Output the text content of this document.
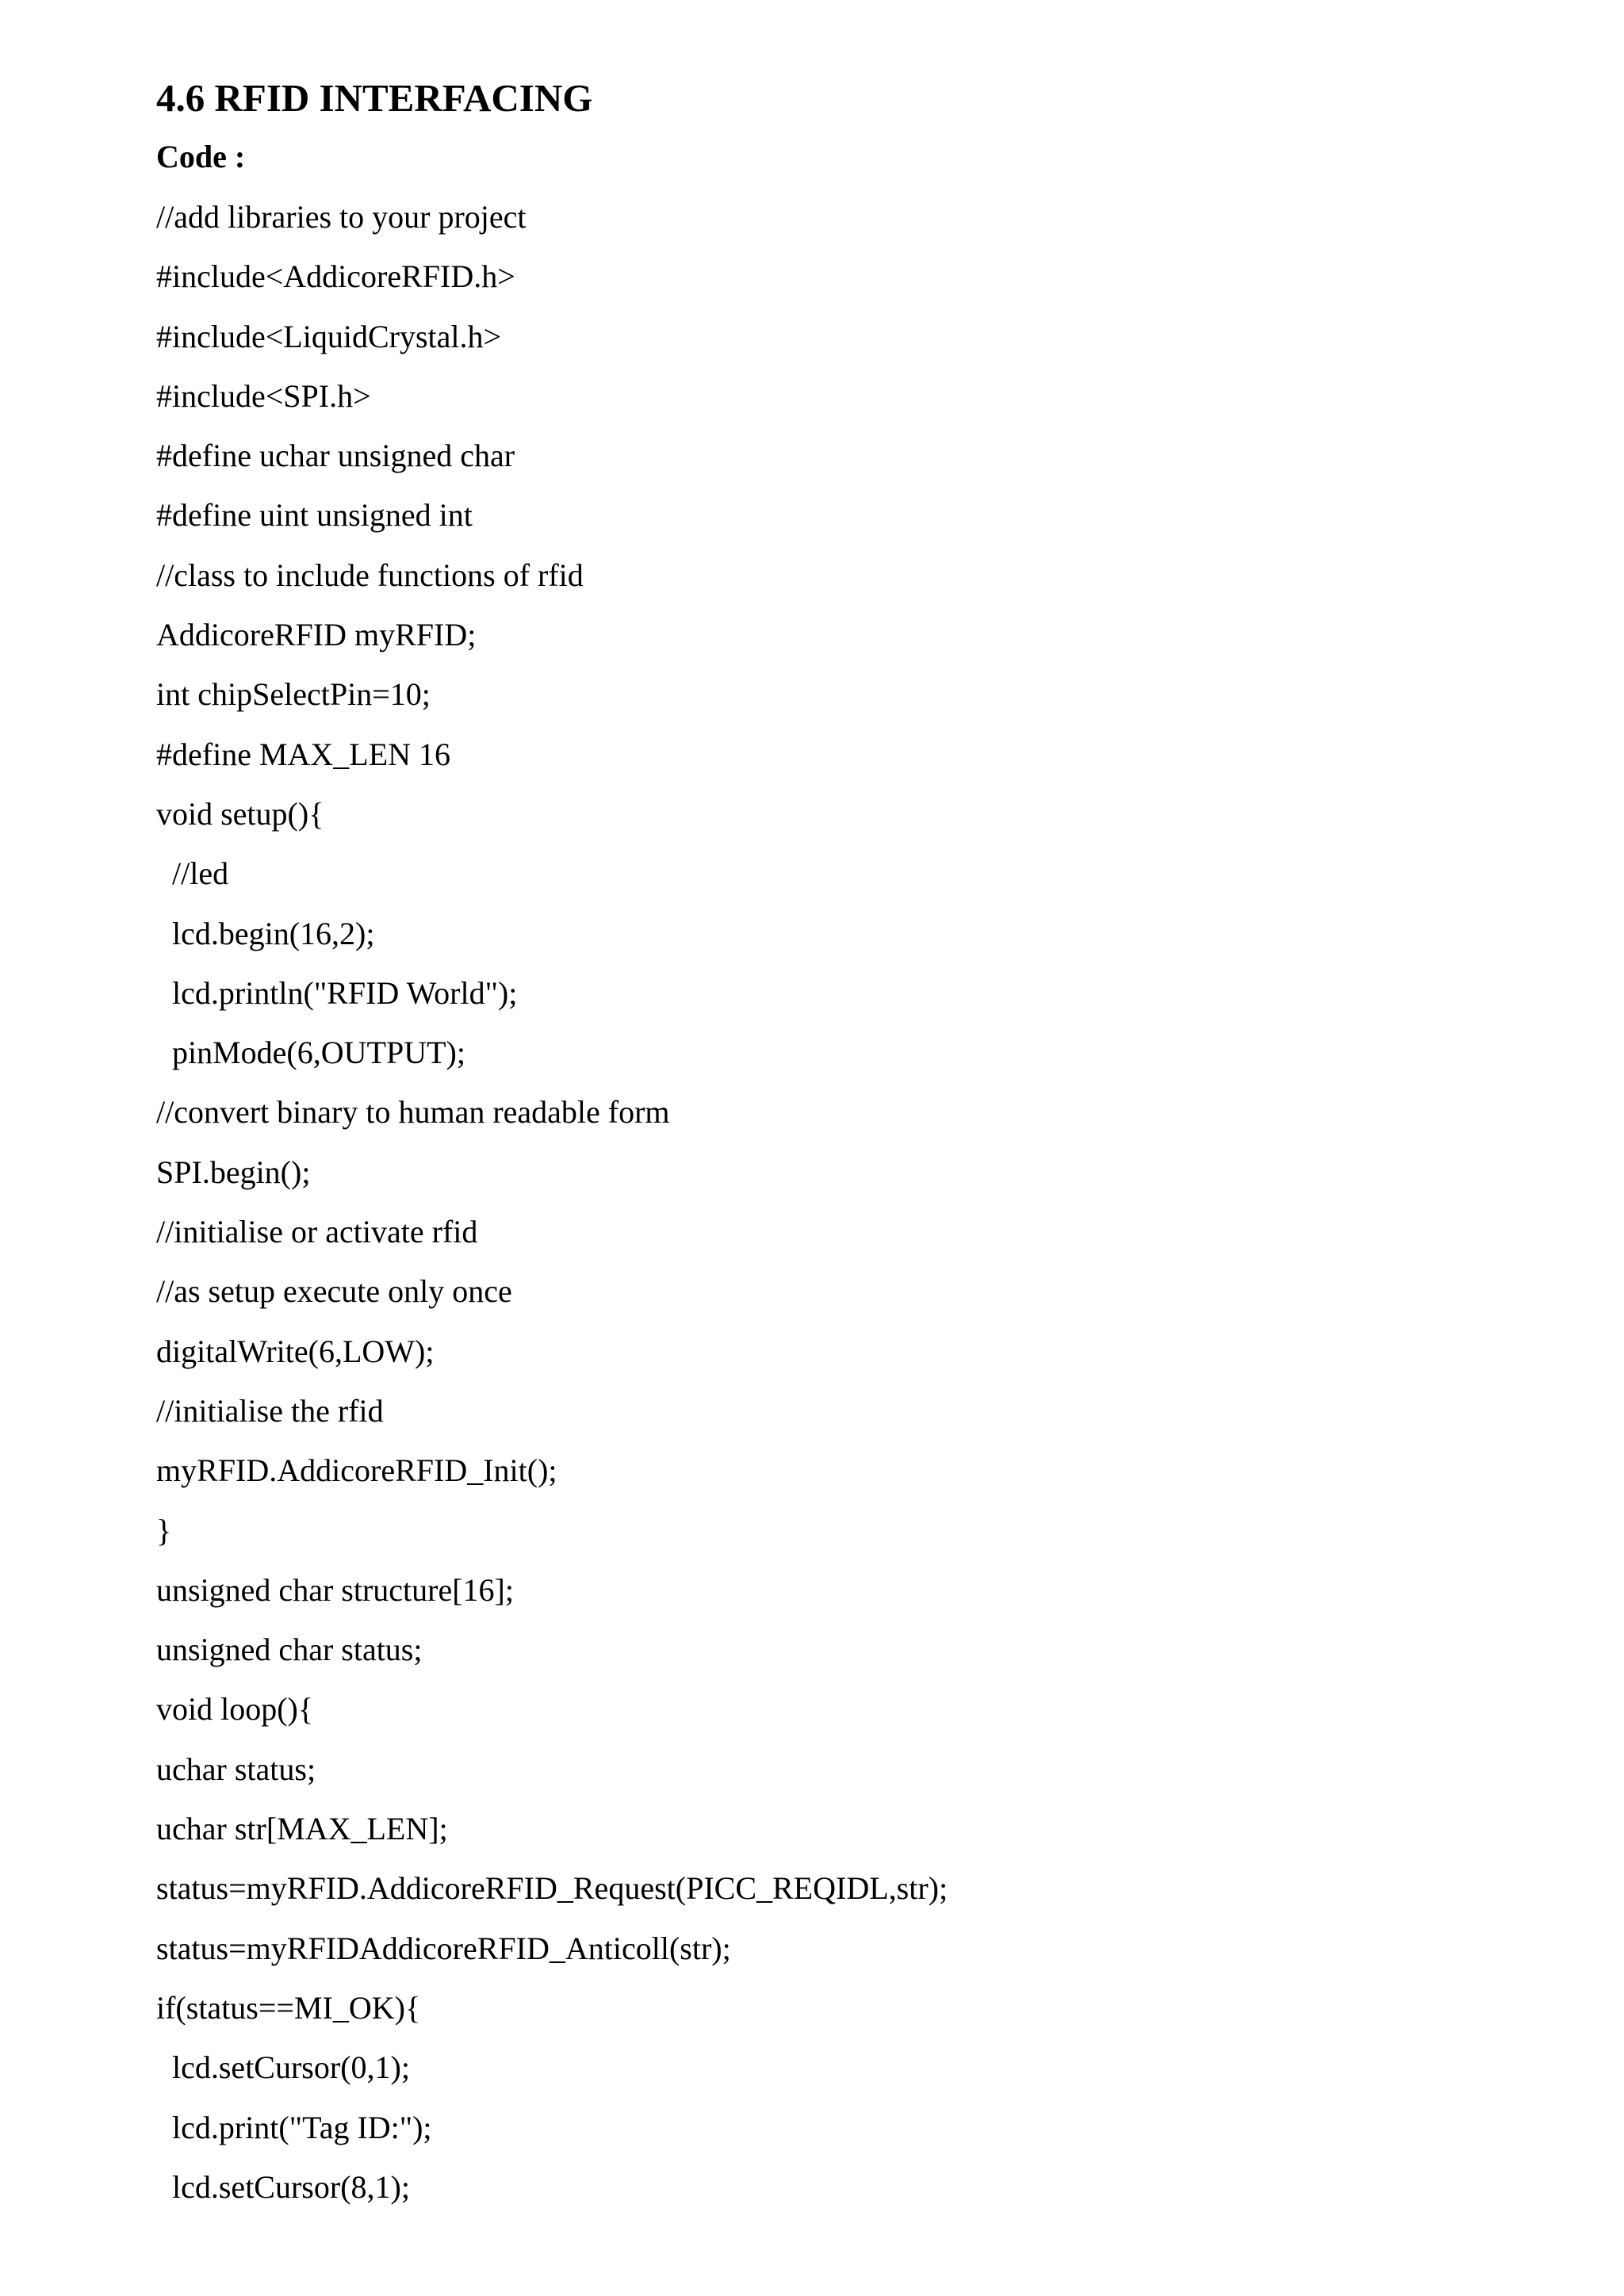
4.6 RFID INTERFACING
Code :
//add libraries to your project
#include<AddicoreRFID.h>
#include<LiquidCrystal.h>
#include<SPI.h>
#define uchar unsigned char
#define uint unsigned int
//class to include functions of rfid
AddicoreRFID myRFID;
int chipSelectPin=10;
#define MAX_LEN 16
void setup(){
//led
lcd.begin(16,2);
lcd.println("RFID World");
pinMode(6,OUTPUT);
//convert binary to human readable form
SPI.begin();
//initialise or activate rfid
//as setup execute only once
digitalWrite(6,LOW);
//initialise the rfid
myRFID.AddicoreRFID_Init();
}
unsigned char structure[16];
unsigned char status;
void loop(){
uchar status;
uchar str[MAX_LEN];
status=myRFID.AddicoreRFID_Request(PICC_REQIDL,str);
status=myRFIDAddicoreRFID_Anticoll(str);
if(status==MI_OK){
lcd.setCursor(0,1);
lcd.print("Tag ID:");
lcd.setCursor(8,1);
